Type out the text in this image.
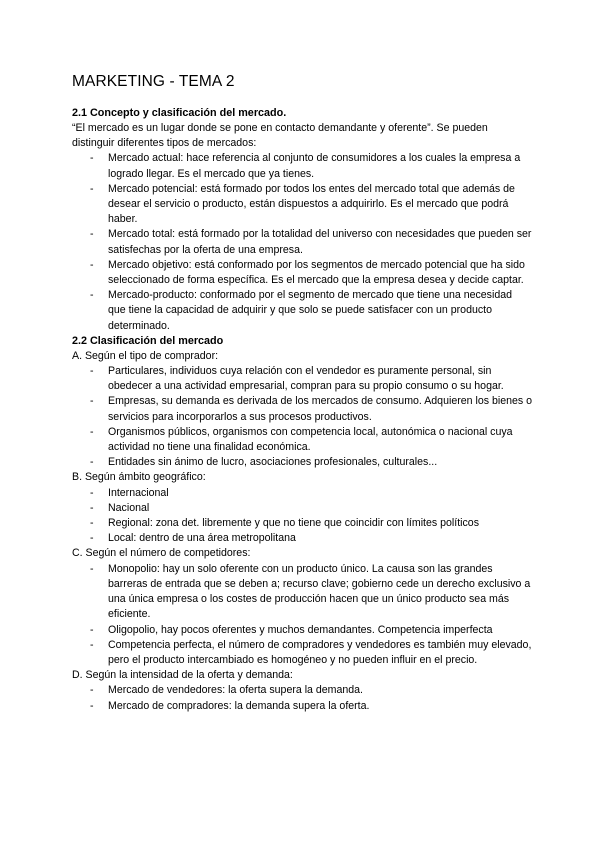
MARKETING - TEMA 2

2.1 Concepto y clasificación del mercado.

“El mercado es un lugar donde se pone en contacto demandante y oferente”. Se pueden distinguir diferentes tipos de mercados:

- Mercado actual: hace referencia al conjunto de consumidores a los cuales la empresa a logrado llegar. Es el mercado que ya tienes.
- Mercado potencial: está formado por todos los entes del mercado total que además de desear el servicio o producto, están dispuestos a adquirirlo. Es el mercado que podrá haber.
- Mercado total: está formado por la totalidad del universo con necesidades que pueden ser satisfechas por la oferta de una empresa.
- Mercado objetivo: está conformado por los segmentos de mercado potencial que ha sido seleccionado de forma específica. Es el mercado que la empresa desea y decide captar.
- Mercado-producto: conformado por el segmento de mercado que tiene una necesidad que tiene la capacidad de adquirir y que solo se puede satisfacer con un producto determinado.

2.2 Clasificación del mercado

A. Según el tipo de comprador:

- Particulares, individuos cuya relación con el vendedor es puramente personal, sin obedecer a una actividad empresarial, compran para su propio consumo o su hogar.
- Empresas, su demanda es derivada de los mercados de consumo. Adquieren los bienes o servicios para incorporarlos a sus procesos productivos.
- Organismos públicos, organismos con competencia local, autonómica o nacional cuya actividad no tiene una finalidad económica.
- Entidades sin ánimo de lucro, asociaciones profesionales, culturales...

B. Según ámbito geográfico:

- Internacional
- Nacional
- Regional: zona det. libremente y que no tiene que coincidir con límites políticos
- Local: dentro de una área metropolitana

C. Según el número de competidores:

- Monopolio: hay un solo oferente con un producto único. La causa son las grandes barreras de entrada que se deben a; recurso clave; gobierno cede un derecho exclusivo a una única empresa o los costes de producción hacen que un único producto sea más eficiente.
- Oligopolio, hay pocos oferentes y muchos demandantes. Competencia imperfecta
- Competencia perfecta, el número de compradores y vendedores es también muy elevado, pero el producto intercambiado es homogéneo y no pueden influir en el precio.

D. Según la intensidad de la oferta y demanda:

- Mercado de vendedores: la oferta supera la demanda.
- Mercado de compradores: la demanda supera la oferta.
